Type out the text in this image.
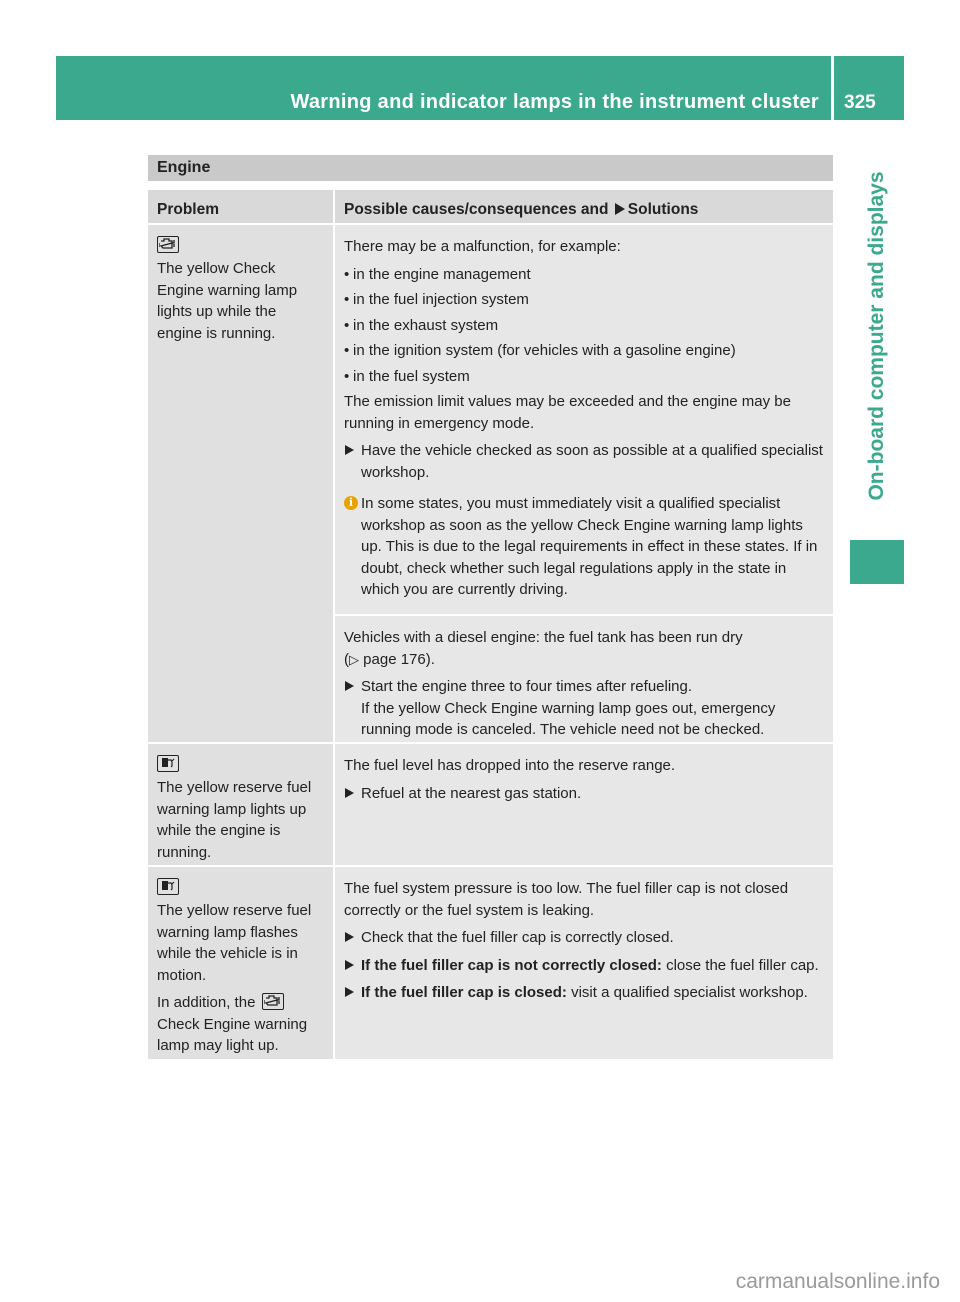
Warning and indicator lamps in the instrument cluster 325
On-board computer and displays
Engine
Problem	Possible causes/consequences and Solutions
The yellow Check Engine warning lamp lights up while the engine is running.

There may be a malfunction, for example:

• in the engine management
• in the fuel injection system
• in the exhaust system
• in the ignition system (for vehicles with a gasoline engine)
• in the fuel system

The emission limit values may be exceeded and the engine may be running in emergency mode.

Have the vehicle checked as soon as possible at a qualified specialist workshop.
i In some states, you must immediately visit a qualified specialist workshop as soon as the yellow Check Engine warning lamp lights up. This is due to the legal requirements in effect in these states. If in doubt, check whether such legal regulations apply in the state in which you are currently driving.

Vehicles with a diesel engine: the fuel tank has been run dry
(▷ page 176).

Start the engine three to four times after refueling.
If the yellow Check Engine warning lamp goes out, emergency running mode is canceled. The vehicle need not be checked.
The yellow reserve fuel warning lamp lights up while the engine is running.

The fuel level has dropped into the reserve range.

Refuel at the nearest gas station.

The yellow reserve fuel warning lamp flashes while the vehicle is in motion.

In addition, the
Check Engine warning lamp may light up.

The fuel system pressure is too low. The fuel filler cap is not closed correctly or the fuel system is leaking.

Check that the fuel filler cap is correctly closed.
If the fuel filler cap is not correctly closed: close the fuel filler cap.
If the fuel filler cap is closed: visit a qualified specialist workshop.
carmanualsonline.info
